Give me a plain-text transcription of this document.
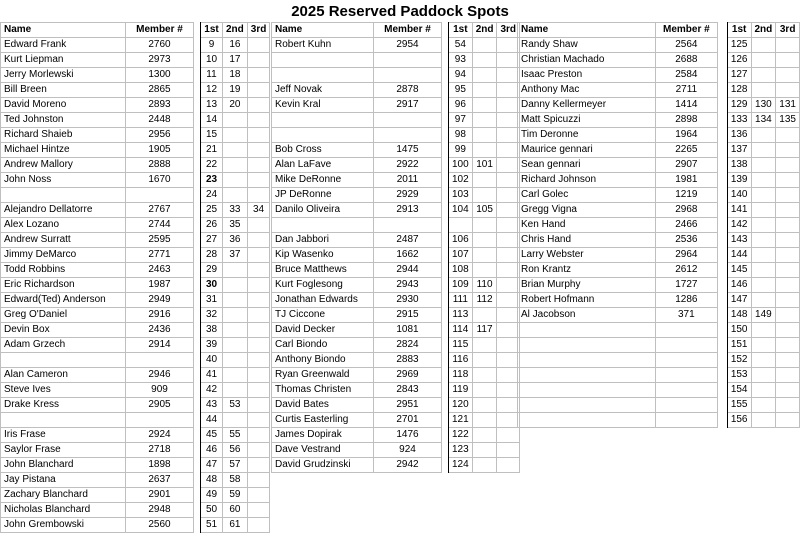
2025 Reserved Paddock Spots
Name	Member #		1st	2nd	3rd
Edward Frank	2760		9	16	
Kurt Liepman	2973		10	17	
Jerry Morlewski	1300		11	18	
Bill Breen	2865		12	19	
David Moreno	2893		13	20	
Ted Johnston	2448		14		
Richard Shaieb	2956		15		
Michael Hintze	1905		21		
Andrew Mallory	2888		22		
John Noss	1670		23		
			24		
Alejandro Dellatorre	2767		25	33	34
Alex Lozano	2744		26	35	
Andrew Surratt	2595		27	36	
Jimmy DeMarco	2771		28	37	
Todd Robbins	2463		29		
Eric Richardson	1987		30		
Edward(Ted) Anderson	2949		31		
Greg O'Daniel	2916		32		
Devin Box	2436		38		
Adam Grzech	2914		39		
			40		
Alan Cameron	2946		41		
Steve Ives	909		42		
Drake Kress	2905		43	53	
			44		
Iris Frase	2924		45	55	
Saylor Frase	2718		46	56	
John Blanchard	1898		47	57	
Jay Pistana	2637		48	58	
Zachary Blanchard	2901		49	59	
Nicholas Blanchard	2948		50	60	
John Grembowski	2560		51	61	
Name	Member #		1st	2nd	3rd
Robert Kuhn	2954		54		
			93		
			94		
Jeff Novak	2878		95		
Kevin Kral	2917		96		
			97		
			98		
Bob Cross	1475		99		
Alan LaFave	2922		100	101	
Mike DeRonne	2011		102		
JP DeRonne	2929		103		
Danilo Oliveira	2913		104	105	

Dan Jabbori	2487		106		
Kip Wasenko	1662		107		
Bruce Matthews	2944		108		
Kurt Foglesong	2943		109	110	
Jonathan Edwards	2930		111	112	
TJ Ciccone	2915		113		
David Decker	1081		114	117	
Carl Biondo	2824		115		
Anthony Biondo	2883		116		
Ryan Greenwald	2969		118		
Thomas Christen	2843		119		
David Bates	2951		120		
Curtis Easterling	2701		121		
James Dopirak	1476		122		
Dave Vestrand	924		123		
David Grudzinski	2942		124		
Name	Member #		1st	2nd	3rd
Randy Shaw	2564		125		
Christian Machado	2688		126		
Isaac Preston	2584		127		
Anthony Mac	2711		128		
Danny Kellermeyer	1414		129	130	131
Matt Spicuzzi	2898		133	134	135
Tim Deronne	1964		136		
Maurice gennari	2265		137		
Sean gennari	2907		138		
Richard Johnson	1981		139		
Carl Golec	1219		140		
Gregg Vigna	2968		141		
Ken Hand	2466		142		
Chris Hand	2536		143		
Larry Webster	2964		144		
Ron Krantz	2612		145		
Brian Murphy	1727		146		
Robert Hofmann	1286		147		
Al Jacobson	371		148	149	
			150		
			151		
			152		
			153		
			154		
			155		
			156		
